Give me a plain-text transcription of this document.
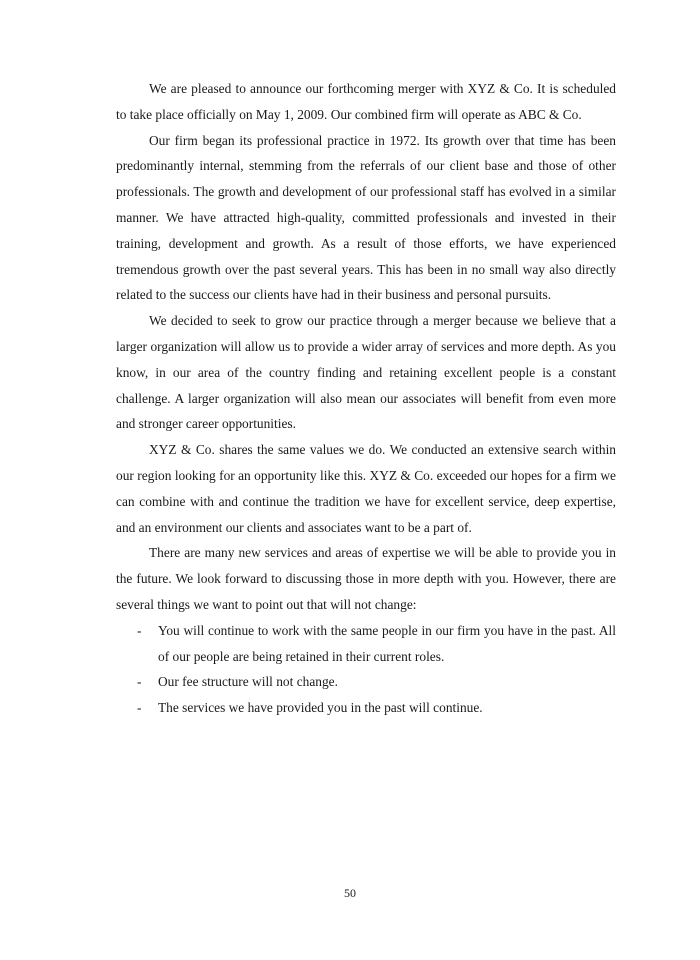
We are pleased to announce our forthcoming merger with XYZ & Co. It is scheduled to take place officially on May 1, 2009. Our combined firm will operate as ABC & Co.

Our firm began its professional practice in 1972. Its growth over that time has been predominantly internal, stemming from the referrals of our client base and those of other professionals. The growth and development of our professional staff has evolved in a similar manner. We have attracted high-quality, committed professionals and invested in their training, development and growth. As a result of those efforts, we have experienced tremendous growth over the past several years. This has been in no small way also directly related to the success our clients have had in their business and personal pursuits.

We decided to seek to grow our practice through a merger because we believe that a larger organization will allow us to provide a wider array of services and more depth. As you know, in our area of the country finding and retaining excellent people is a constant challenge. A larger organization will also mean our associates will benefit from even more and stronger career opportunities.

XYZ & Co. shares the same values we do. We conducted an extensive search within our region looking for an opportunity like this. XYZ & Co. exceeded our hopes for a firm we can combine with and continue the tradition we have for excellent service, deep expertise, and an environment our clients and associates want to be a part of.

There are many new services and areas of expertise we will be able to provide you in the future. We look forward to discussing those in more depth with you. However, there are several things we want to point out that will not change:

- You will continue to work with the same people in our firm you have in the past. All of our people are being retained in their current roles.
- Our fee structure will not change.
- The services we have provided you in the past will continue.
50
